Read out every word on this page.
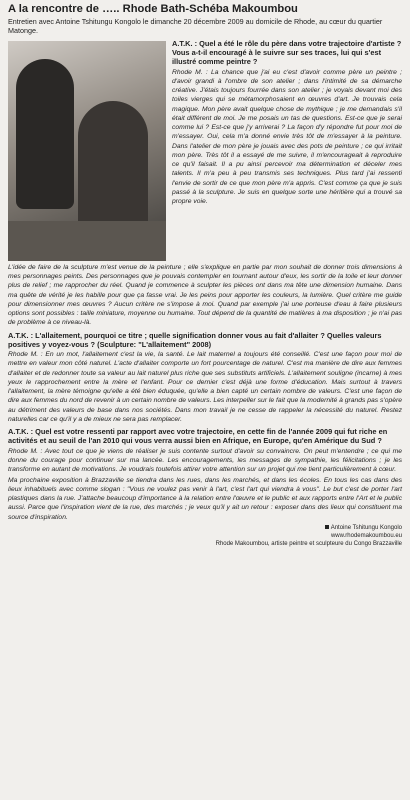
A la rencontre de ….. Rhode Bath-Schéba Makoumbou
Entretien avec Antoine Tshitungu Kongolo le dimanche 20 décembre 2009 au domicile de Rhode, au cœur du quartier Matonge.
A.T.K. : Quel a été le rôle du père dans votre trajectoire d'artiste ? Vous a-t-il encouragé à le suivre sur ses traces, lui qui s'est illustré comme peintre ?
Rhode M. : La chance que j'ai eu c'est d'avoir comme père un peintre ; d'avoir grandi à l'ombre de son atelier ; dans l'intimité de sa démarche créative. J'étais toujours fourrée dans son atelier ; je voyais devant moi des toiles vierges qui se métamorphosaient en œuvres d'art. Je trouvais cela magique. Mon père avait quelque chose de mythique ; je me demandais s'il était différent de moi. Je me posais un tas de questions. Est-ce que je serai comme lui ? Est-ce que j'y arriverai ? La façon d'y répondre fut pour moi de m'essayer. Oui, cela m'a donné envie très tôt de m'essayer à la peinture. Dans l'atelier de mon père je jouais avec des pots de peinture ; ce qui irritait mon père. Très tôt il a essayé de me suivre, il m'encourageait à reproduire ce qu'il faisait. Il a pu ainsi percevoir ma détermination et déceler mes talents. Il m'a peu à peu transmis ses techniques. Plus tard j'ai ressenti l'envie de sortir de ce que mon père m'a appris. C'est comme ça que je suis passé à la sculpture. Je suis en quelque sorte une héritière qui a trouvé sa propre voie.
L'idée de faire de la sculpture m'est venue de la peinture ; elle s'explique en partie par mon souhait de donner trois dimensions à mes personnages peints. Des personnages que je pouvais contempler en tournant autour d'eux, les sortir de la toile et leur donner plus de relief ; me rapprocher du réel. Quand je commence à sculpter les pièces ont dans ma tête une dimension humaine. Dans ma quête de vérité je les habille pour que ça fasse vrai. Je les peins pour apporter les couleurs, la lumière. Quel critère me guide pour dimensionner mes œuvres ? Aucun critère ne s'impose à moi. Quand par exemple j'ai une porteuse d'eau à faire plusieurs options sont possibles : taille miniature, moyenne ou humaine. Tout dépend de la quantité de matières à ma disposition ; je n'ai pas de problème à ce niveau-là.
A.T.K. : L'allaitement, pourquoi ce titre ; quelle signification donner vous au fait d'allaiter ? Quelles valeurs positives y voyez-vous ? (Sculpture: "L'allaitement" 2008)
Rhode M. : En un mot, l'allaitement c'est la vie, la santé. Le lait maternel a toujours été conseillé. C'est une façon pour moi de mettre en valeur mon côté naturel. L'acte d'allaiter comporte un fort pourcentage de naturel. C'est ma manière de dire aux femmes d'allaiter et de redonner toute sa valeur au lait naturel plus riche que ses substituts artificiels. L'allaitement souligne (incarne) à mes yeux le rapprochement entre la mère et l'enfant. Pour ce dernier c'est déjà une forme d'éducation. Mais surtout à travers l'allaitement, la mère témoigne qu'elle a été bien éduquée, qu'elle a bien capté un certain nombre de valeurs. C'est une façon de dire aux femmes du nord de revenir à un certain nombre de valeurs. Les interpeller sur le fait que la modernité à grands pas s'opère au détriment des valeurs de base dans nos sociétés. Dans mon travail je ne cesse de rappeler la nécessité du naturel. Restez naturelles car ce qu'il y a de mieux ne sera pas remplacer.
A.T.K. : Quel est votre ressenti par rapport avec votre trajectoire, en cette fin de l'année 2009 qui fut riche en activités et au seuil de l'an 2010 qui vous verra aussi bien en Afrique, en Europe, qu'en Amérique du Sud ?
Rhode M. : Avec tout ce que je viens de réaliser je suis contente surtout d'avoir su convaincre. On peut m'entendre ; ce qui me donne du courage pour continuer sur ma lancée. Les encouragements, les messages de sympathie, les félicitations ; je les transforme en autant de motivations. Je voudrais toutefois attirer votre attention sur un projet qui me tient particulièrement à cœur.
Ma prochaine exposition à Brazzaville se tiendra dans les rues, dans les marchés, et dans les écoles. En tous les cas dans des lieux inhabituels avec comme slogan : "Vous ne voulez pas venir à l'art, c'est l'art qui viendra à vous". Le but c'est de porter l'art plastiques dans la rue. J'attache beaucoup d'importance à la relation entre l'œuvre et le public et aux rapports entre l'Art et le public aussi. Parce que l'inspiration vient de la rue, des marchés ; je veux qu'il y ait un retour : exposer dans des lieux qui constituent ma source d'inspiration.
Antoine Tshitungu Kongolo
www.rhodemakoumbou.eu
Rhode Makoumbou, artiste peintre et sculpteure du Congo Brazzaville
